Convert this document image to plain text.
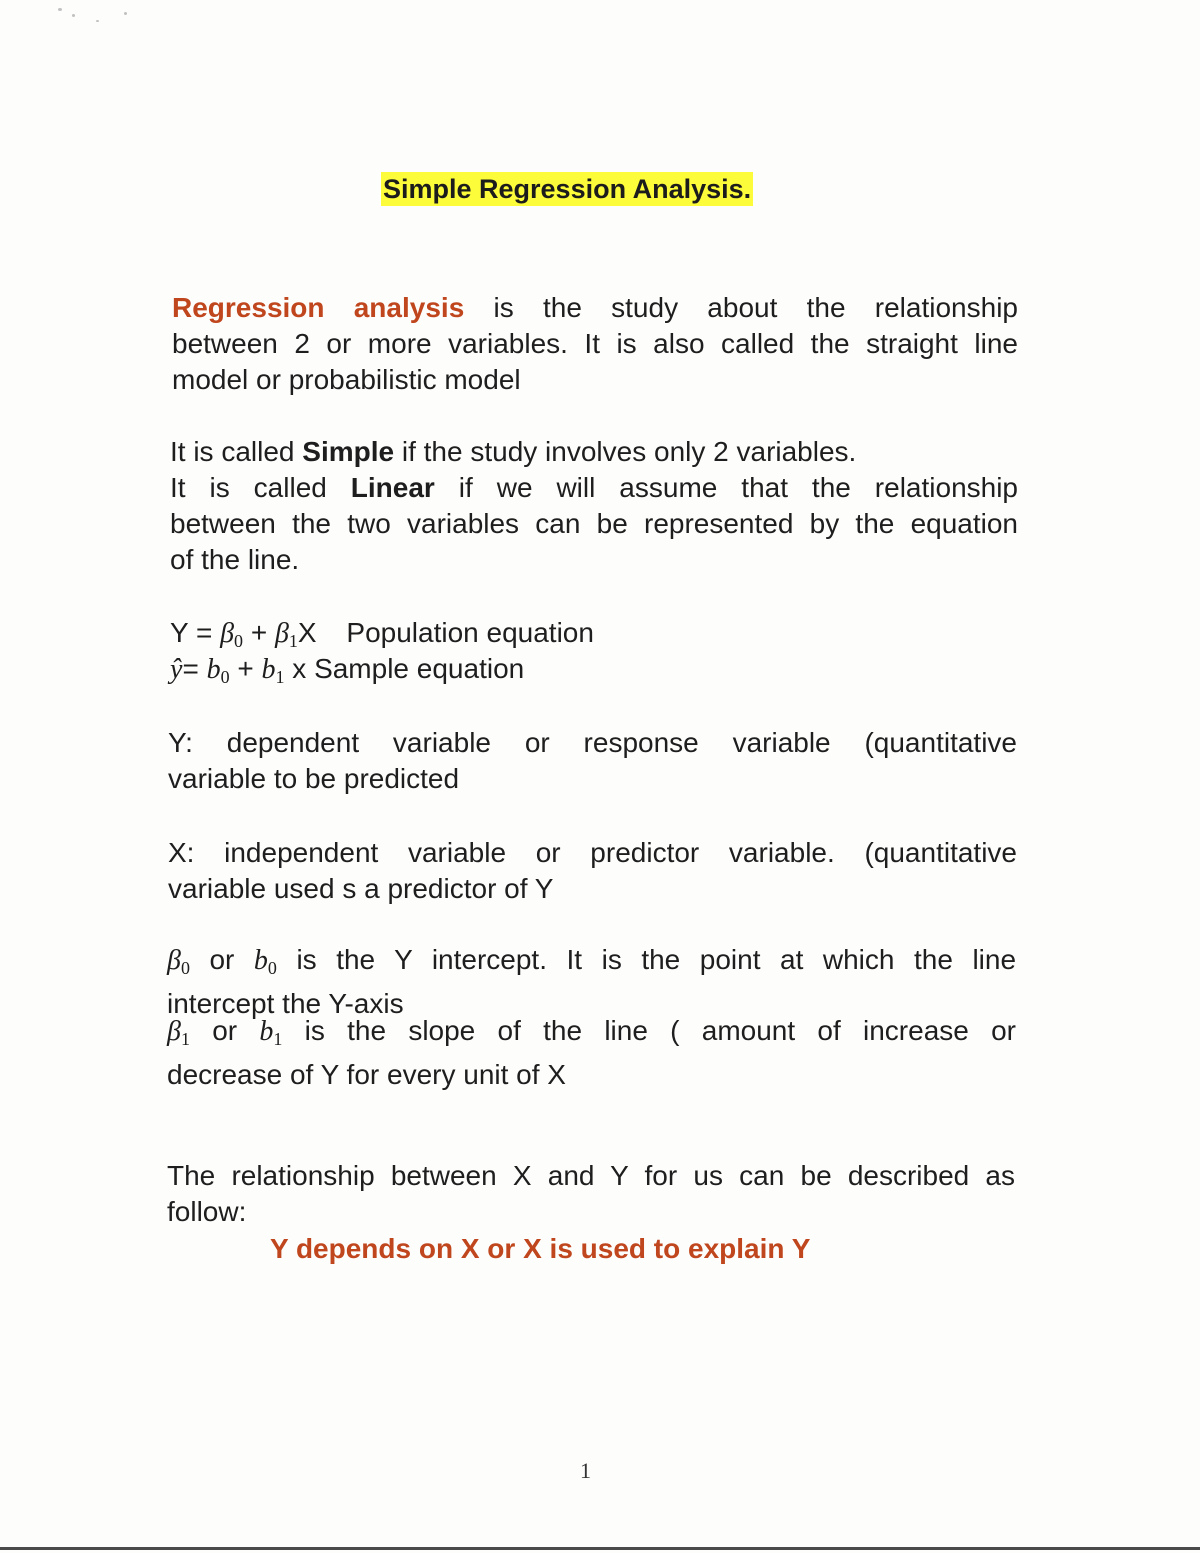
Simple Regression Analysis.
Regression analysis is the study about the relationship
between 2 or more variables. It is also called the straight line
model or probabilistic model
It is called Simple if the study involves only 2 variables.
It is called Linear if we will assume that the relationship
between the two variables can be represented by the equation
of the line.
$Y = \beta_0 + \beta_1X$ Population equation
ŷ= $b_0 + b_1$ x Sample equation
Y: dependent variable or response variable (quantitative
variable to be predicted
X: independent variable or predictor variable. (quantitative
variable used s a predictor of Y
$\beta_0$ or $b_0$ is the Y intercept. It is the point at which the line
intercept the Y-axis
$\beta_1$ or $b_1$ is the slope of the line ( amount of increase or
decrease of Y for every unit of X
The relationship between X and Y for us can be described as
follow:
Y depends on X or X is used to explain Y
1
